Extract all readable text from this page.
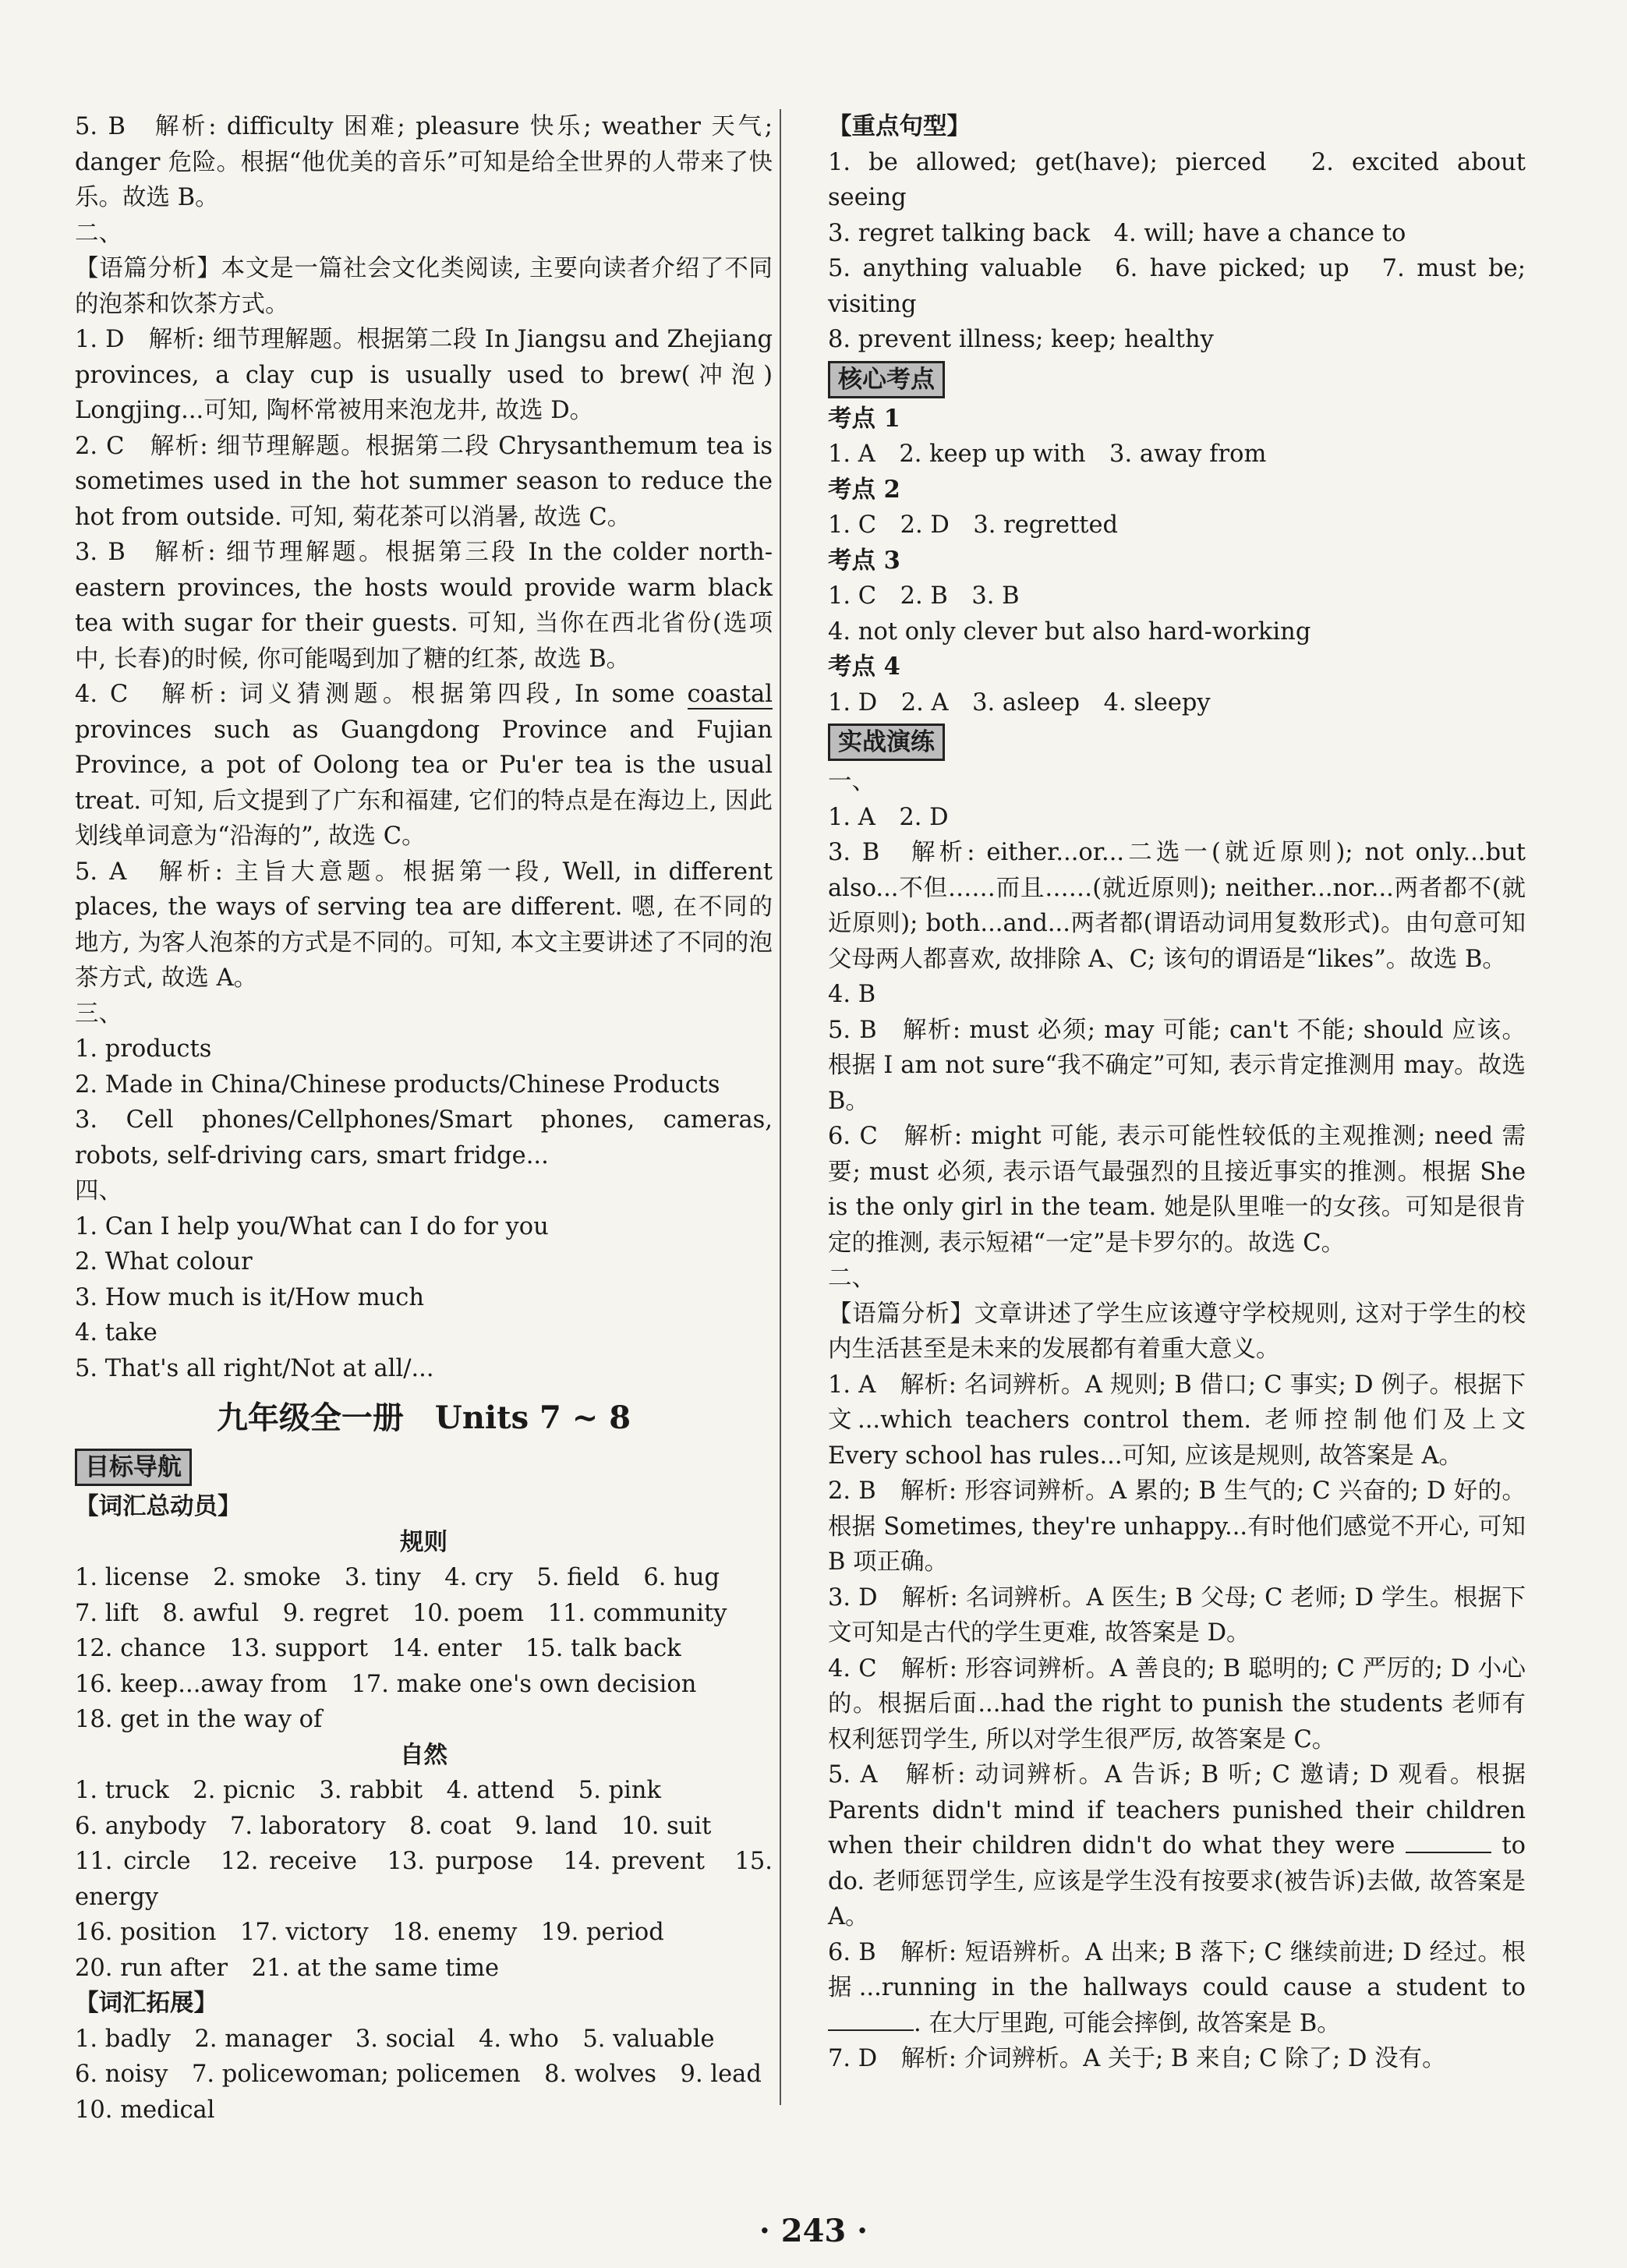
5. B　解析: difficulty 困难; pleasure 快乐; weather 天气; danger 危险。根据“他优美的音乐”可知是给全世界的人带来了快乐。故选 B。

二、

【语篇分析】本文是一篇社会文化类阅读, 主要向读者介绍了不同的泡茶和饮茶方式。

1. D　解析: 细节理解题。根据第二段 In Jiangsu and Zhejiang provinces, a clay cup is usually used to brew(冲泡) Longjing...可知, 陶杯常被用来泡龙井, 故选 D。

2. C　解析: 细节理解题。根据第二段 Chrysanthemum tea is sometimes used in the hot summer season to reduce the hot from outside. 可知, 菊花茶可以消暑, 故选 C。

3. B　解析: 细节理解题。根据第三段 In the colder north-eastern provinces, the hosts would provide warm black tea with sugar for their guests. 可知, 当你在西北省份(选项中, 长春)的时候, 你可能喝到加了糖的红茶, 故选 B。

4. C　解析: 词义猜测题。根据第四段, In some coastal provinces such as Guangdong Province and Fujian Province, a pot of Oolong tea or Pu'er tea is the usual treat. 可知, 后文提到了广东和福建, 它们的特点是在海边上, 因此划线单词意为“沿海的”, 故选 C。

5. A　解析: 主旨大意题。根据第一段, Well, in different places, the ways of serving tea are different. 嗯, 在不同的地方, 为客人泡茶的方式是不同的。可知, 本文主要讲述了不同的泡茶方式, 故选 A。

三、

1. products

2. Made in China/Chinese products/Chinese Products

3. Cell phones/Cellphones/Smart phones, cameras, robots, self-driving cars, smart fridge...

四、

1. Can I help you/What can I do for you

2. What colour

3. How much is it/How much

4. take

5. That's all right/Not at all/...

九年级全一册　Units 7 ~ 8
目标导航

【词汇总动员】

规则

1. license　2. smoke　3. tiny　4. cry　5. field　6. hug

7. lift　8. awful　9. regret　10. poem　11. community

12. chance　13. support　14. enter　15. talk back

16. keep...away from　17. make one's own decision

18. get in the way of

自然

1. truck　2. picnic　3. rabbit　4. attend　5. pink

6. anybody　7. laboratory　8. coat　9. land　10. suit

11. circle　12. receive　13. purpose　14. prevent　15. energy

16. position　17. victory　18. enemy　19. period

20. run after　21. at the same time

【词汇拓展】

1. badly　2. manager　3. social　4. who　5. valuable

6. noisy　7. policewoman; policemen　8. wolves　9. lead

10. medical

【重点句型】

1. be allowed; get(have); pierced　2. excited about seeing

3. regret talking back　4. will; have a chance to

5. anything valuable　6. have picked; up　7. must be; visiting

8. prevent illness; keep; healthy

核心考点

考点 1

1. A　2. keep up with　3. away from

考点 2

1. C　2. D　3. regretted

考点 3

1. C　2. B　3. B

4. not only clever but also hard-working

考点 4

1. D　2. A　3. asleep　4. sleepy

实战演练

一、

1. A　2. D

3. B　解析: either...or...二选一(就近原则); not only...but also...不但……而且……(就近原则); neither...nor...两者都不(就近原则); both...and...两者都(谓语动词用复数形式)。由句意可知父母两人都喜欢, 故排除 A、C; 该句的谓语是“likes”。故选 B。

4. B

5. B　解析: must 必须; may 可能; can't 不能; should 应该。根据 I am not sure“我不确定”可知, 表示肯定推测用 may。故选 B。

6. C　解析: might 可能, 表示可能性较低的主观推测; need 需要; must 必须, 表示语气最强烈的且接近事实的推测。根据 She is the only girl in the team. 她是队里唯一的女孩。可知是很肯定的推测, 表示短裙“一定”是卡罗尔的。故选 C。

二、

【语篇分析】文章讲述了学生应该遵守学校规则, 这对于学生的校内生活甚至是未来的发展都有着重大意义。

1. A　解析: 名词辨析。A 规则; B 借口; C 事实; D 例子。根据下文...which teachers control them. 老师控制他们及上文 Every school has rules...可知, 应该是规则, 故答案是 A。

2. B　解析: 形容词辨析。A 累的; B 生气的; C 兴奋的; D 好的。根据 Sometimes, they're unhappy...有时他们感觉不开心, 可知 B 项正确。

3. D　解析: 名词辨析。A 医生; B 父母; C 老师; D 学生。根据下文可知是古代的学生更难, 故答案是 D。

4. C　解析: 形容词辨析。A 善良的; B 聪明的; C 严厉的; D 小心的。根据后面...had the right to punish the students 老师有权利惩罚学生, 所以对学生很严厉, 故答案是 C。

5. A　解析: 动词辨析。A 告诉; B 听; C 邀请; D 观看。根据 Parents didn't mind if teachers punished their children when their children didn't do what they were	to do. 老师惩罚学生, 应该是学生没有按要求(被告诉)去做, 故答案是 A。

6. B　解析: 短语辨析。A 出来; B 落下; C 继续前进; D 经过。根据...running in the hallways could cause a student to . 在大厅里跑, 可能会摔倒, 故答案是 B。

7. D　解析: 介词辨析。A 关于; B 来自; C 除了; D 没有。

· 243 ·
